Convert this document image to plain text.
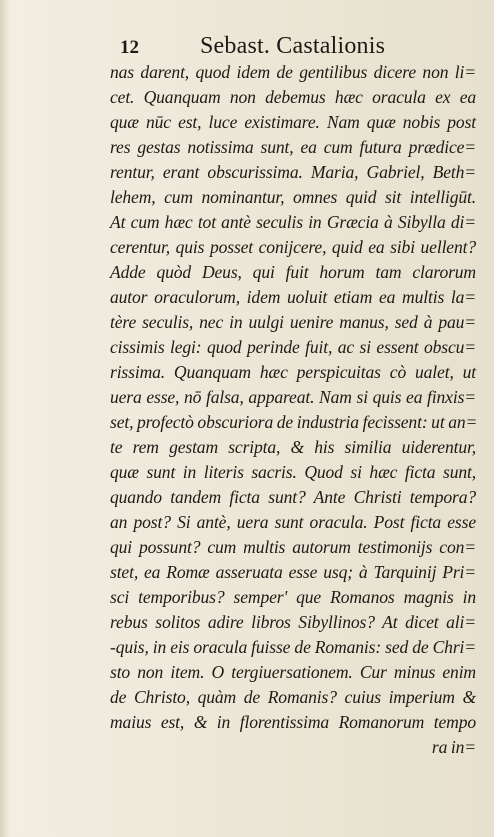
12	Sebast. Castalionis
nas darent, quod idem de gentilibus dicere non li=
cet. Quanquam non debemus hæc oracula ex ea
quæ nūc est, luce existimare. Nam quæ nobis post
res gestas notissima sunt, ea cum futura prædice=
rentur, erant obscurissima. Maria, Gabriel, Beth=
lehem, cum nominantur, omnes quid sit intelligūt.
At cum hæc tot antè seculis in Græcia à Sibylla di=
cerentur, quis posset conijcere, quid ea sibi uellent?
Adde quòd Deus, qui fuit horum tam clarorum
autor oraculorum, idem uoluit etiam ea multis la=
tère seculis, nec in uulgi uenire manus, sed à pau=
cissimis legi: quod perinde fuit, ac si essent obscu=
rissima. Quanquam hæc perspicuitas cò ualet, ut
uera esse, nō falsa, appareat. Nam si quis ea finxis=
set, profectò obscuriora de industria fecissent: ut an=
te rem gestam scripta, & his similia uiderentur,
quæ sunt in literis sacris. Quod si hæc ficta sunt,
quando tandem ficta sunt? Ante Christi tempora?
an post? Si antè, uera sunt oracula. Post ficta esse
qui possunt? cum multis autorum testimonijs con=
stet, ea Romæ asseruata esse usq; à Tarquinij Pri=
sci temporibus? semper' que Romanos magnis in
rebus solitos adire libros Sibyllinos? At dicet ali=
-quis, in eis oracula fuisse de Romanis: sed de Chri=
sto non item. O tergiuersationem. Cur minus enim
de Christo, quàm de Romanis? cuius imperium &
maius est, & in florentissima Romanorum tempo
ra in=
